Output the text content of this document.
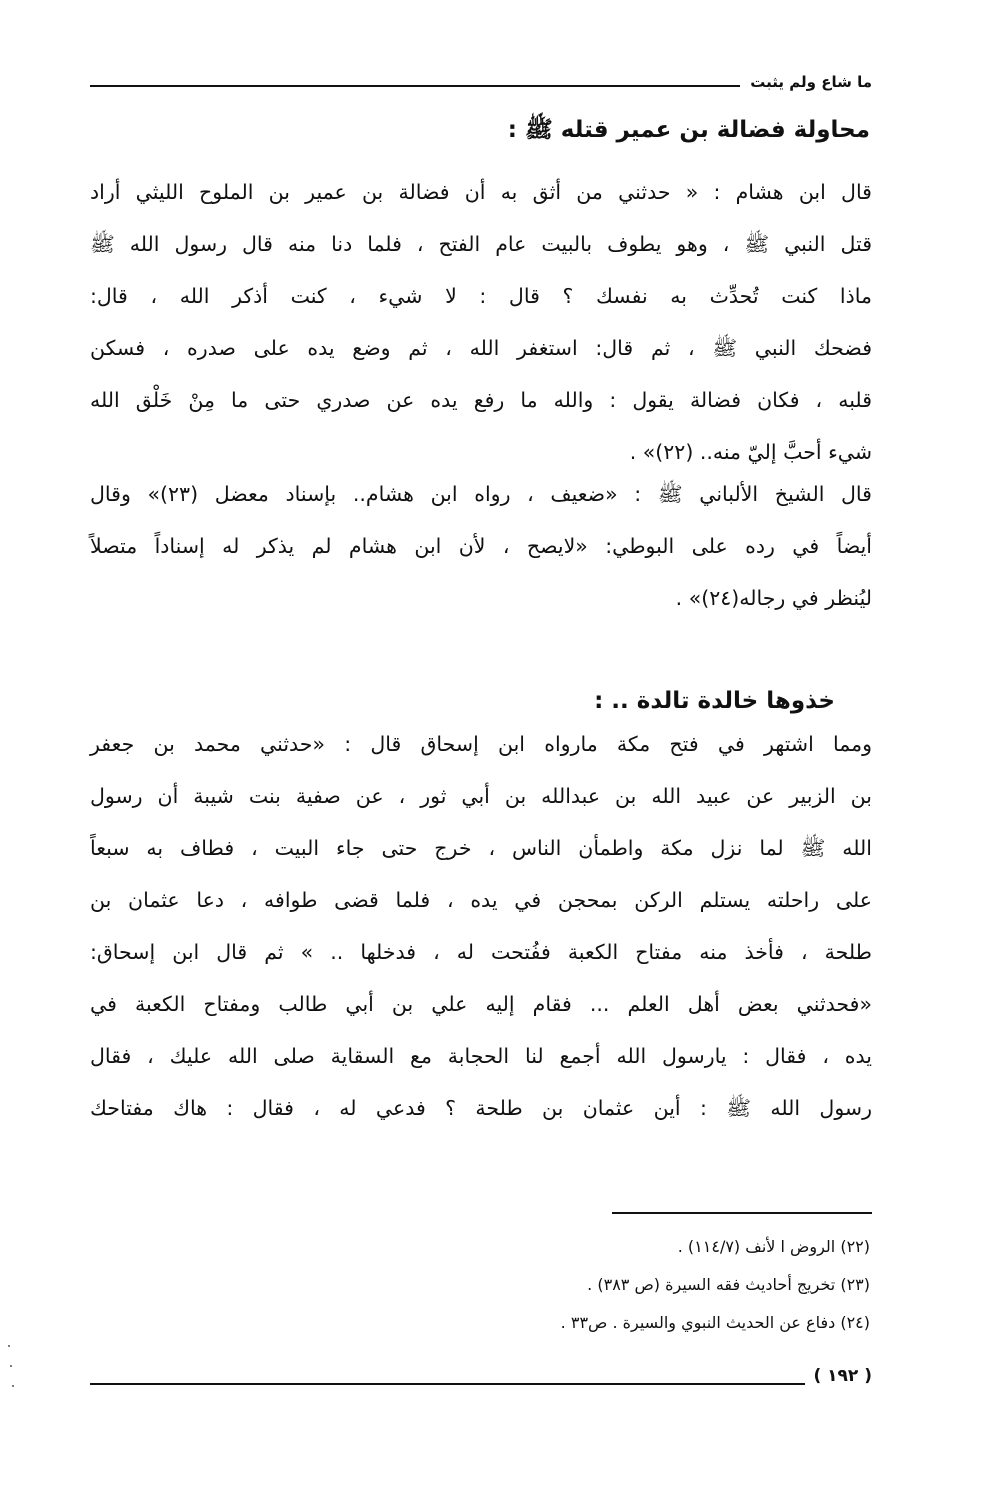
ما شاع ولم يثبت
محاولة فضالة بن عمير قتله ﷺ :

قال ابن هشام : « حدثني من أثق به أن فضالة بن عمير بن الملوح الليثي أراد
قتل النبي ﷺ ، وهو يطوف بالبيت عام الفتح ، فلما دنا منه قال رسول الله ﷺ
ماذا كنت تُحدِّث به نفسك ؟ قال : لا شيء ، كنت أذكر الله ، قال:
فضحك النبي ﷺ ، ثم قال: استغفر الله ، ثم وضع يده على صدره ، فسكن
قلبه ، فكان فضالة يقول : والله ما رفع يده عن صدري حتى ما مِنْ خَلْق الله
شيء أحبَّ إليّ منه.. (٢٢)» .

قال الشيخ الألباني ﷺ : «ضعيف ، رواه ابن هشام.. بإسناد معضل (٢٣)» وقال
أيضاً في رده على البوطي: «لايصح ، لأن ابن هشام لم يذكر له إسناداً متصلاً
ليُنظر في رجاله(٢٤)» .

خذوها خالدة تالدة .. :

ومما اشتهر في فتح مكة مارواه ابن إسحاق قال : «حدثني محمد بن جعفر
بن الزبير عن عبيد الله بن عبدالله بن أبي ثور ، عن صفية بنت شيبة أن رسول
الله ﷺ لما نزل مكة واطمأن الناس ، خرج حتى جاء البيت ، فطاف به سبعاً
على راحلته يستلم الركن بمحجن في يده ، فلما قضى طوافه ، دعا عثمان بن
طلحة ، فأخذ منه مفتاح الكعبة ففُتحت له ، فدخلها .. » ثم قال ابن إسحاق:
«فحدثني بعض أهل العلم ... فقام إليه علي بن أبي طالب ومفتاح الكعبة في
يده ، فقال : يارسول الله أجمع لنا الحجابة مع السقاية صلى الله عليك ، فقال
رسول الله ﷺ : أين عثمان بن طلحة ؟ فدعي له ، فقال : هاك مفتاحك

(٢٢) الروض ا لأنف (١١٤/٧) .
(٢٣) تخريج أحاديث فقه السيرة (ص ٣٨٣) .
(٢٤) دفاع عن الحديث النبوي والسيرة . ص٣٣ .
( ١٩٢ )
